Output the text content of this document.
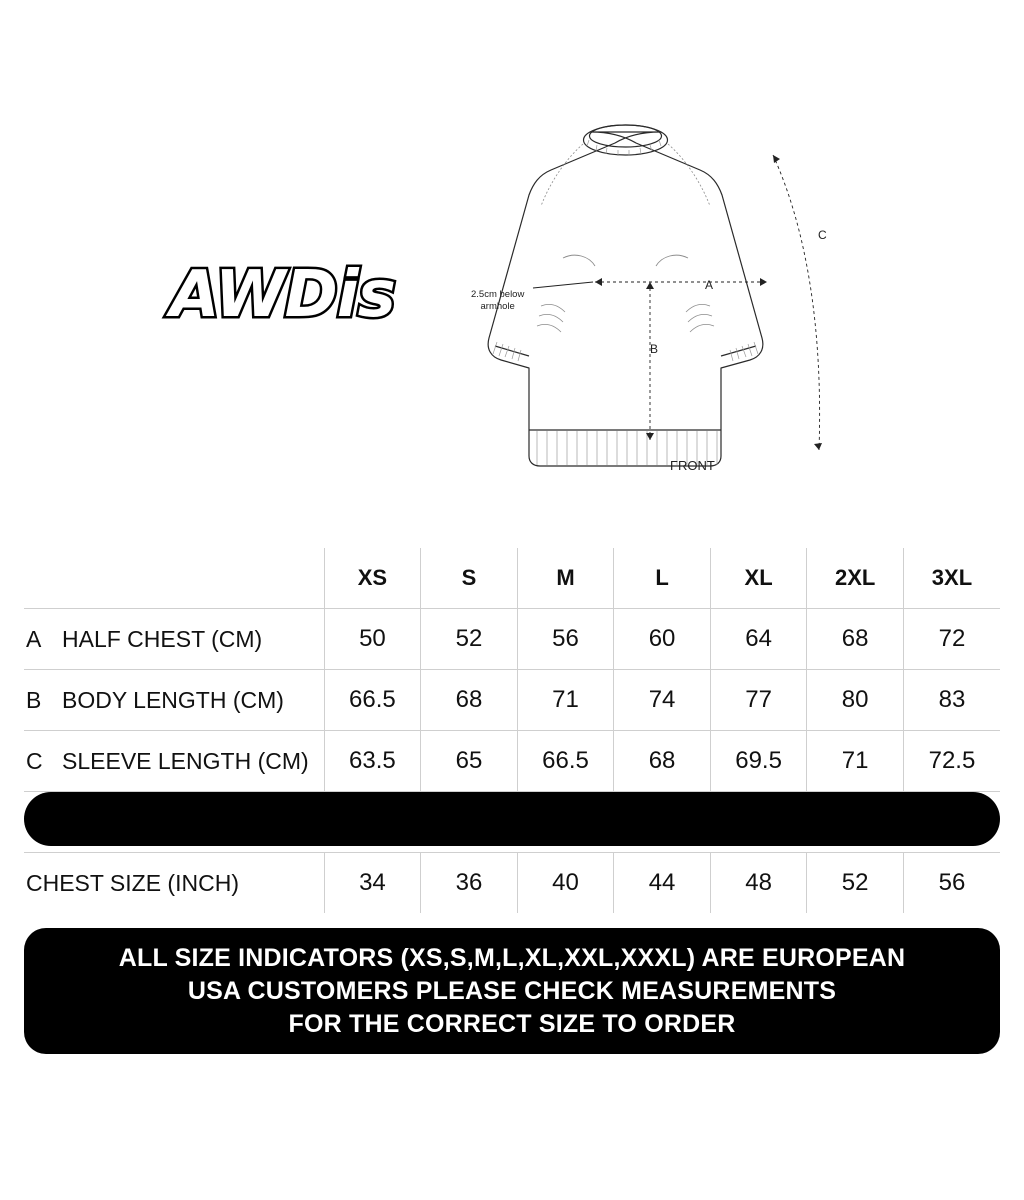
AWDis	A
B
C
FRONT
2.5cm below
armhole
	XS	S	M	L	XL	2XL	3XL
A HALF CHEST (CM)	50	52	56	60	64	68	72
B BODY LENGTH (CM)	66.5	68	71	74	77	80	83
C SLEEVE LENGTH (CM)	63.5	65	66.5	68	69.5	71	72.5
CHEST SIZE (INCH)	34	36	40	44	48	52	56
ALL SIZE INDICATORS (XS,S,M,L,XL,XXL,XXXL) ARE EUROPEAN
USA CUSTOMERS PLEASE CHECK MEASUREMENTS
FOR THE CORRECT SIZE TO ORDER
